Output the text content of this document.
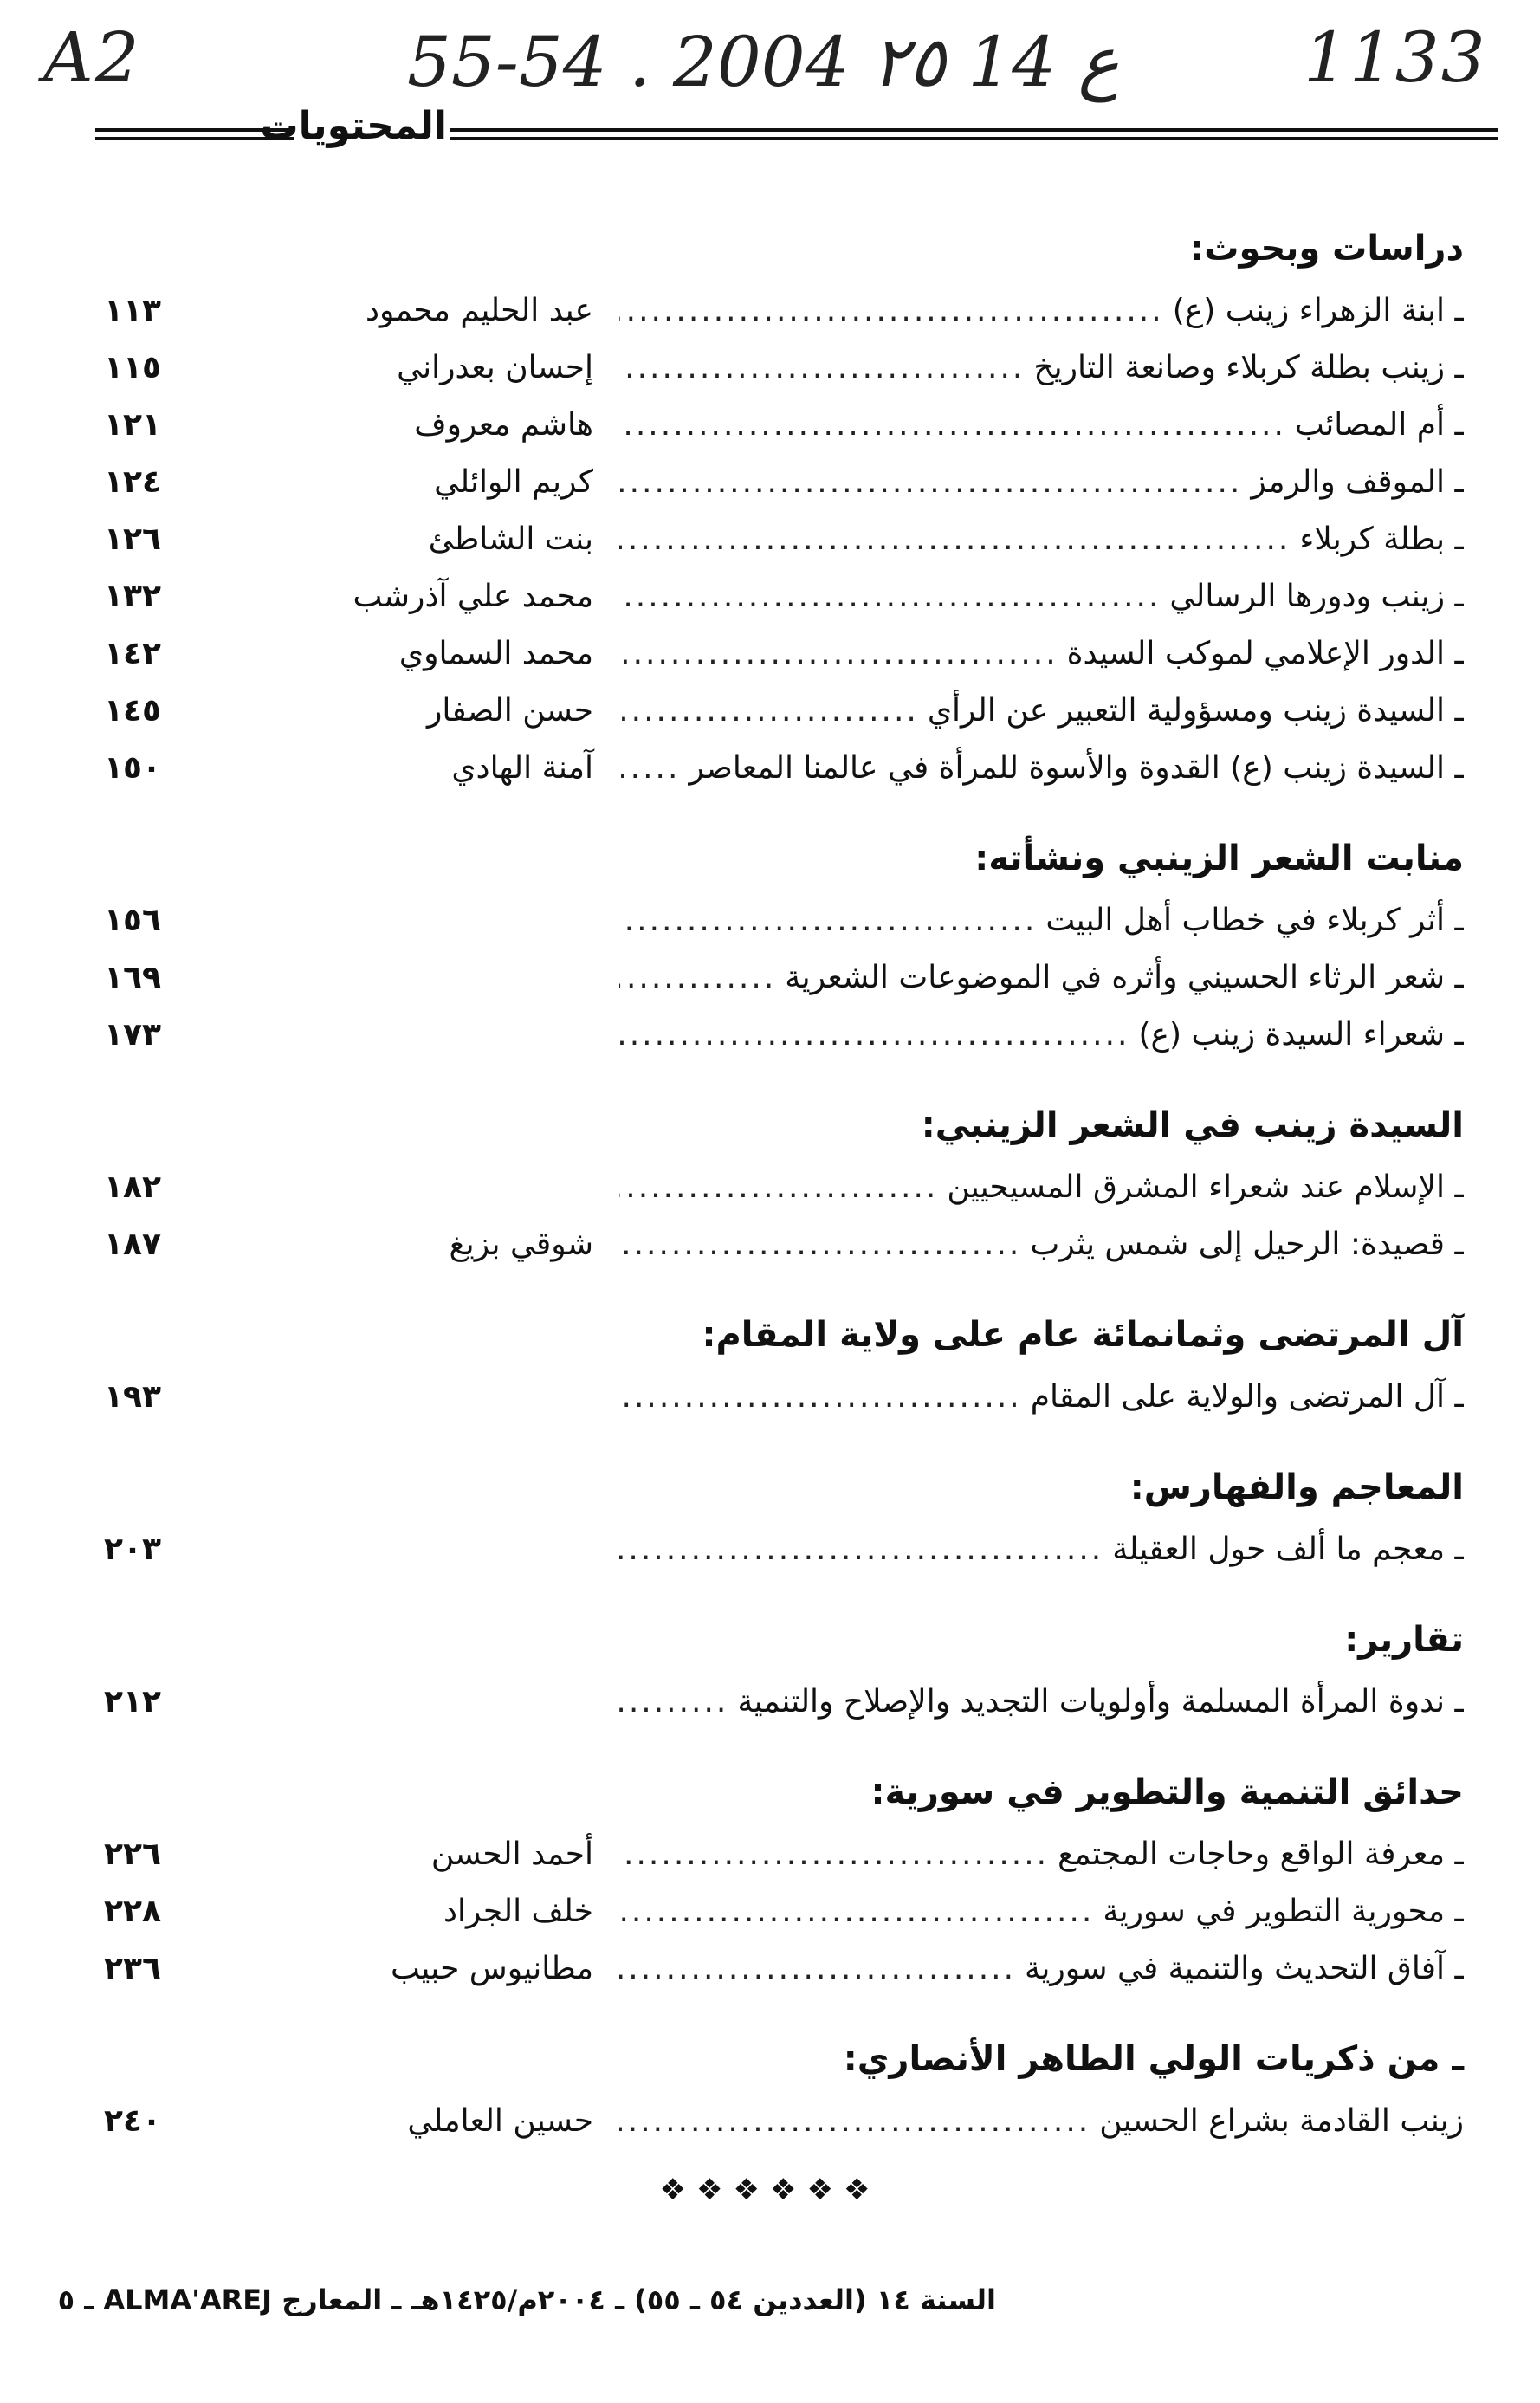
A2	55-54 . ع 14 ٢٥ 2004	1133
المحتويات
دراسات وبحوث:
ـ ابنة الزهراء زينب (ع)
.....
عبد الحليم محمود
١١٣
ـ زينب بطلة كربلاء وصانعة التاريخ
.....
إحسان بعدراني
١١٥
ـ أم المصائب
.....
هاشم معروف
١٢١
ـ الموقف والرمز
.....
كريم الوائلي
١٢٤
ـ بطلة كربلاء
.....
بنت الشاطئ
١٢٦
ـ زينب ودورها الرسالي
.....
محمد علي آذرشب
١٣٢
ـ الدور الإعلامي لموكب السيدة
.....
محمد السماوي
١٤٢
ـ السيدة زينب ومسؤولية التعبير عن الرأي
.....
حسن الصفار
١٤٥
ـ السيدة زينب (ع) القدوة والأسوة للمرأة في عالمنا المعاصر
.....
آمنة الهادي
١٥٠
منابت الشعر الزينبي ونشأته:
ـ أثر كربلاء في خطاب أهل البيت
.....
١٥٦
ـ شعر الرثاء الحسيني وأثره في الموضوعات الشعرية
.....
١٦٩
ـ شعراء السيدة زينب (ع)
.....
١٧٣
السيدة زينب في الشعر الزينبي:
ـ الإسلام عند شعراء المشرق المسيحيين
.....
١٨٢
ـ قصيدة: الرحيل إلى شمس يثرب
.....
شوقي بزيغ
١٨٧
آل المرتضى وثمانمائة عام على ولاية المقام:
ـ آل المرتضى والولاية على المقام
.....
١٩٣
المعاجم والفهارس:
ـ معجم ما ألف حول العقيلة
.....
٢٠٣
تقارير:
ـ ندوة المرأة المسلمة وأولويات التجديد والإصلاح والتنمية
.....
٢١٢
حدائق التنمية والتطوير في سورية:
ـ معرفة الواقع وحاجات المجتمع
.....
أحمد الحسن
٢٢٦
ـ محورية التطوير في سورية
.....
خلف الجراد
٢٢٨
ـ آفاق التحديث والتنمية في سورية
.....
مطانيوس حبيب
٢٣٦
ـ من ذكريات الولي الطاهر الأنصاري:
زينب القادمة بشراع الحسين
.....
حسين العاملي
٢٤٠
❖❖❖❖❖❖
السنة ١٤ (العددين ٥٤ ـ ٥٥) ـ ٢٠٠٤م/١٤٢٥هـ ـ المعارج ALMA'AREJ ـ ٥
